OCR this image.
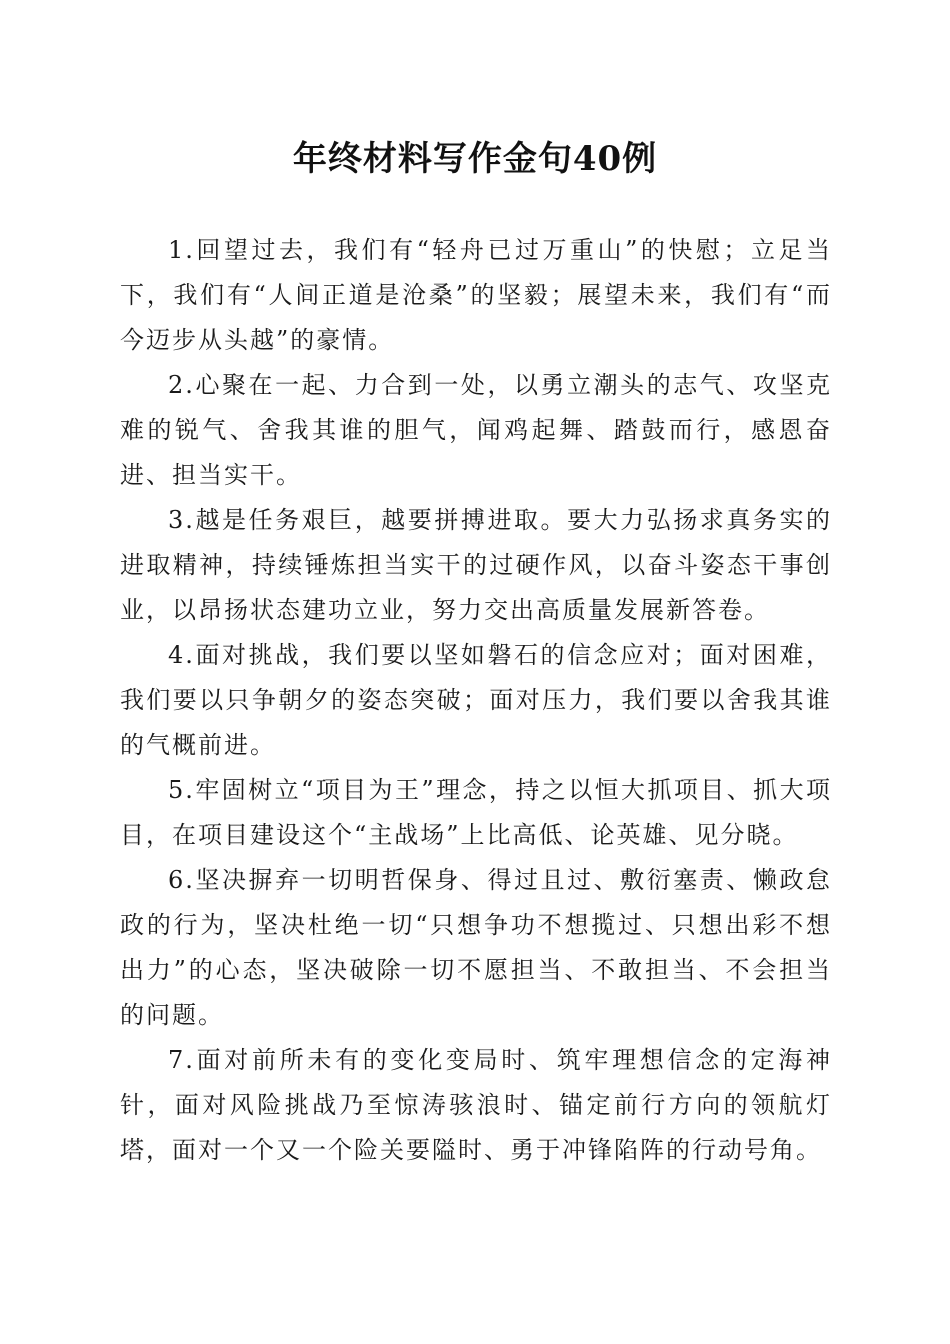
年终材料写作金句40例

1.回望过去，我们有“轻舟已过万重山”的快慰；立足当下，我们有“人间正道是沧桑”的坚毅；展望未来，我们有“而今迈步从头越”的豪情。

2.心聚在一起、力合到一处，以勇立潮头的志气、攻坚克难的锐气、舍我其谁的胆气，闻鸡起舞、踏鼓而行，感恩奋进、担当实干。

3.越是任务艰巨，越要拼搏进取。要大力弘扬求真务实的进取精神，持续锤炼担当实干的过硬作风，以奋斗姿态干事创业，以昂扬状态建功立业，努力交出高质量发展新答卷。

4.面对挑战，我们要以坚如磐石的信念应对；面对困难，我们要以只争朝夕的姿态突破；面对压力，我们要以舍我其谁的气概前进。

5.牢固树立“项目为王”理念，持之以恒大抓项目、抓大项目，在项目建设这个“主战场”上比高低、论英雄、见分晓。

6.坚决摒弃一切明哲保身、得过且过、敷衍塞责、懒政怠政的行为，坚决杜绝一切“只想争功不想揽过、只想出彩不想出力”的心态，坚决破除一切不愿担当、不敢担当、不会担当的问题。

7.面对前所未有的变化变局时、筑牢理想信念的定海神针，面对风险挑战乃至惊涛骇浪时、锚定前行方向的领航灯塔，面对一个又一个险关要隘时、勇于冲锋陷阵的行动号角。
